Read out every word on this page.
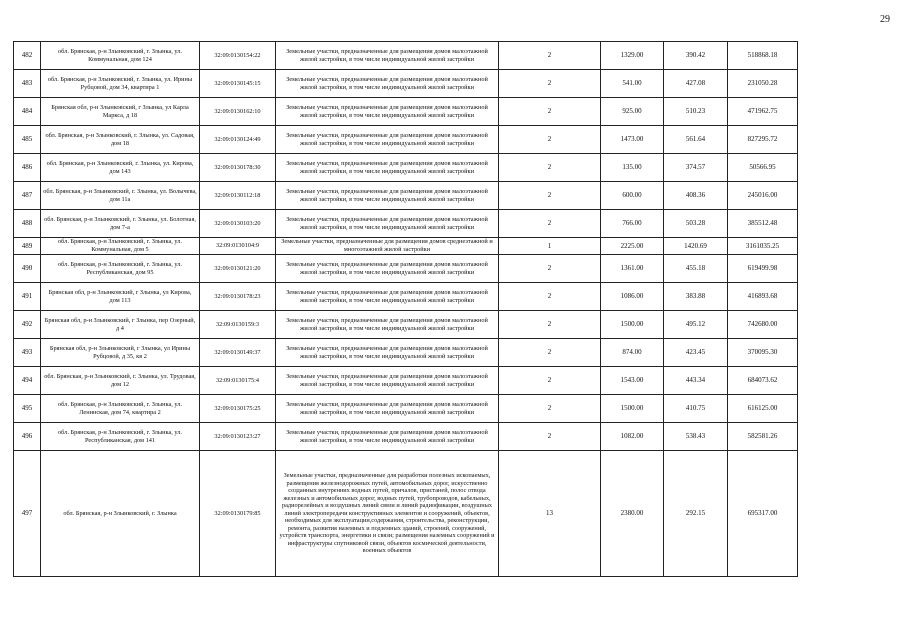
29
482	обл. Брянская, р-н Злынковский, г. Злынка, ул. Коммунальная, дом 124	32:09:0130154:22	Земельные участки, предназначенные для размещения домов малоэтажной жилой застройки, в том числе индивидуальной жилой застройки	2	1329.00	390.42	518868.18
483	обл. Брянская, р-н Злынковский, г. Злынка, ул. Ирины Рубцовой, дом 34, квартира 1	32:09:0130145:15	Земельные участки, предназначенные для размещения домов малоэтажной жилой застройки, в том числе индивидуальной жилой застройки	2	541.00	427.08	231050.28
484	Брянская обл, р-н Злынковский, г Злынка, ул Карла Маркса, д 18	32:09:0130162:10	Земельные участки, предназначенные для размещения домов малоэтажной жилой застройки, в том числе индивидуальной жилой застройки	2	925.00	510.23	471962.75
485	обл. Брянская, р-н Злынковский, г. Злынка, ул. Садовая, дом 18	32:09:0130124:49	Земельные участки, предназначенные для размещения домов малоэтажной жилой застройки, в том числе индивидуальной жилой застройки	2	1473.00	561.64	827295.72
486	обл. Брянская, р-н Злынковский, г. Злынка, ул. Кирова, дом 143	32:09:0130178:30	Земельные участки, предназначенные для размещения домов малоэтажной жилой застройки, в том числе индивидуальной жилой застройки	2	135.00	374.57	50566.95
487	обл. Брянская, р-н Злынковский, г. Злынка, ул. Волычева, дом 11а	32:09:0130112:18	Земельные участки, предназначенные для размещения домов малоэтажной жилой застройки, в том числе индивидуальной жилой застройки	2	600.00	408.36	245016.00
488	обл. Брянская, р-н Злынковский, г. Злынка, ул. Болотная, дом 7-а	32:09:0130103:20	Земельные участки, предназначенные для размещения домов малоэтажной жилой застройки, в том числе индивидуальной жилой застройки	2	766.00	503.28	385512.48
489	обл. Брянская, р-н Злынковский, г. Злынка, ул. Коммунальная, дом 5	32:09:0130104:9	Земельные участки, предназначенные для размещения домов среднеэтажной и многоэтажной жилой застройки	1	2225.00	1420.69	3161035.25
490	обл. Брянская, р-н Злынковский, г. Злынка, ул. Республиканская, дом 95	32:09:0130121:20	Земельные участки, предназначенные для размещения домов малоэтажной жилой застройки, в том числе индивидуальной жилой застройки	2	1361.00	455.18	619499.98
491	Брянская обл, р-н Злынковский, г Злынка, ул Кирова, дом 113	32:09:0130178:23	Земельные участки, предназначенные для размещения домов малоэтажной жилой застройки, в том числе индивидуальной жилой застройки	2	1086.00	383.88	416893.68
492	Брянская обл, р-н Злынковский, г Злынка, пер Озерный, д 4	32:09:0130159:3	Земельные участки, предназначенные для размещения домов малоэтажной жилой застройки, в том числе индивидуальной жилой застройки	2	1500.00	495.12	742680.00
493	Брянская обл, р-н Злынковский, г Злынка, ул Ирины Рубцовой, д 35, кв 2	32:09:0130149:37	Земельные участки, предназначенные для размещения домов малоэтажной жилой застройки, в том числе индивидуальной жилой застройки	2	874.00	423.45	370095.30
494	обл. Брянская, р-н Злынковский, г. Злынка, ул. Трудовая, дом 12	32:09:0130175:4	Земельные участки, предназначенные для размещения домов малоэтажной жилой застройки, в том числе индивидуальной жилой застройки	2	1543.00	443.34	684073.62
495	обл. Брянская, р-н Злынковский, г. Злынка, ул. Ленинская, дом 74, квартира 2	32:09:0130175:25	Земельные участки, предназначенные для размещения домов малоэтажной жилой застройки, в том числе индивидуальной жилой застройки	2	1500.00	410.75	616125.00
496	обл. Брянская, р-н Злынковский, г. Злынка, ул. Республиканская, дом 141	32:09:0130123:27	Земельные участки, предназначенные для размещения домов малоэтажной жилой застройки, в том числе индивидуальной жилой застройки	2	1082.00	538.43	582581.26
497	обл. Брянская, р-н Злынковский, г. Злынка	32:09:0130179:85	Земельные участки, предназначенные для разработки полезных ископаемых, размещения железнодорожных путей, автомобильных дорог, искусственно созданных внутренних водных путей, причалов, пристаней, полос отвода железных и автомобильных дорог, водных путей, трубопроводов, кабельных, радиорелейных и воздушных линий связи и линий радиофикации, воздушных линий электропередачи конструктивных элементов и сооружений, объектов, необходимых для эксплуатации,содержания, строительства, реконструкции, ремонта, развития наземных и подземных зданий, строений, сооружений, устройств транспорта, энергетики и связи; размещения наземных сооружений и инфраструктуры спутниковой связи, объектов космической деятельности, военных объектов	13	2380.00	292.15	695317.00
